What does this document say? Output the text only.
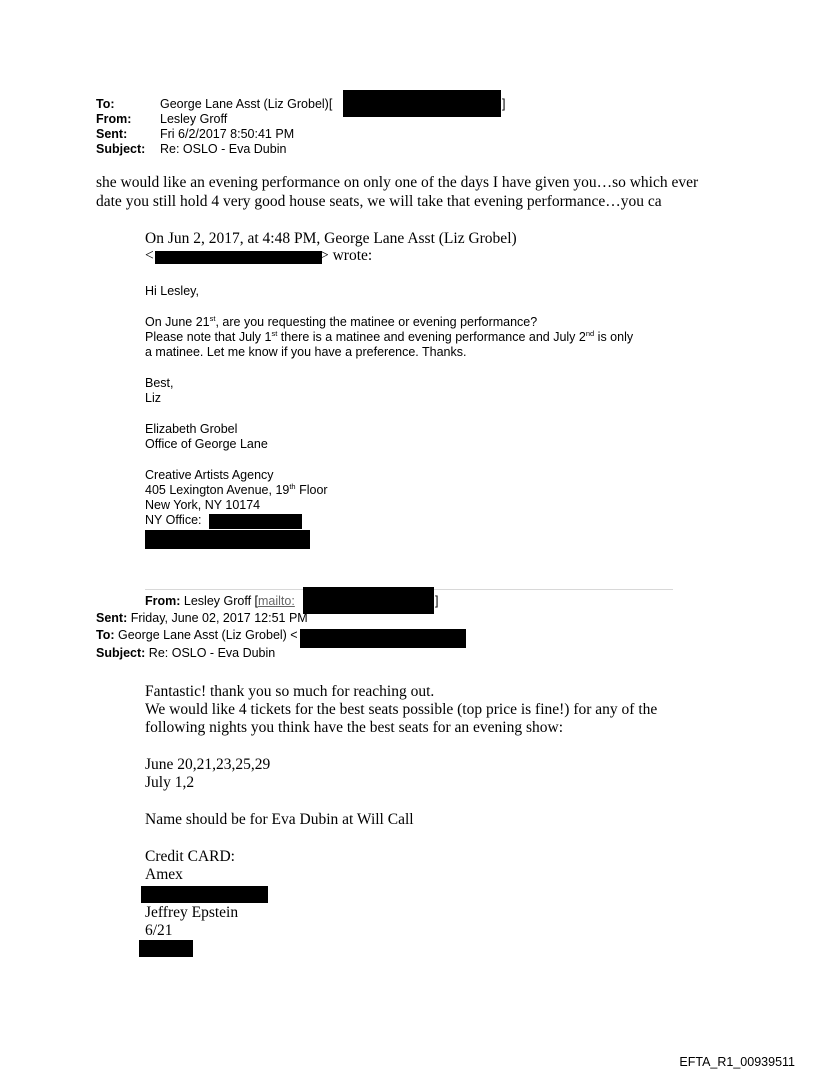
To:	George Lane Asst (Liz Grobel)[	]
From: Lesley Groff
Sent:	Fri 6/2/2017 8:50:41 PM
Subject: Re: OSLO - Eva Dubin
she would like an evening performance on only one of the days I have given you…so which ever
date you still hold 4 very good house seats, we will take that evening performance…you ca
On Jun 2, 2017, at 4:48 PM, George Lane Asst (Liz Grobel)
<	> wrote:
Hi Lesley,
On June 21st, are you requesting the matinee or evening performance?
Please note that July 1st there is a matinee and evening performance and July 2nd is only
a matinee. Let me know if you have a preference. Thanks.
Best,
Liz
Elizabeth Grobel
Office of George Lane
Creative Artists Agency
405 Lexington Avenue, 19th Floor
New York, NY 10174
NY Office:
From: Lesley Groff [mailto:	]
Sent: Friday, June 02, 2017 12:51 PM
To: George Lane Asst (Liz Grobel) <
Subject: Re: OSLO - Eva Dubin
Fantastic! thank you so much for reaching out.
We would like 4 tickets for the best seats possible (top price is fine!) for any of the
following nights you think have the best seats for an evening show:
June 20,21,23,25,29
July 1,2
Name should be for Eva Dubin at Will Call
Credit CARD:
Amex
Jeffrey Epstein
6/21
EFTA_R1_00939511
